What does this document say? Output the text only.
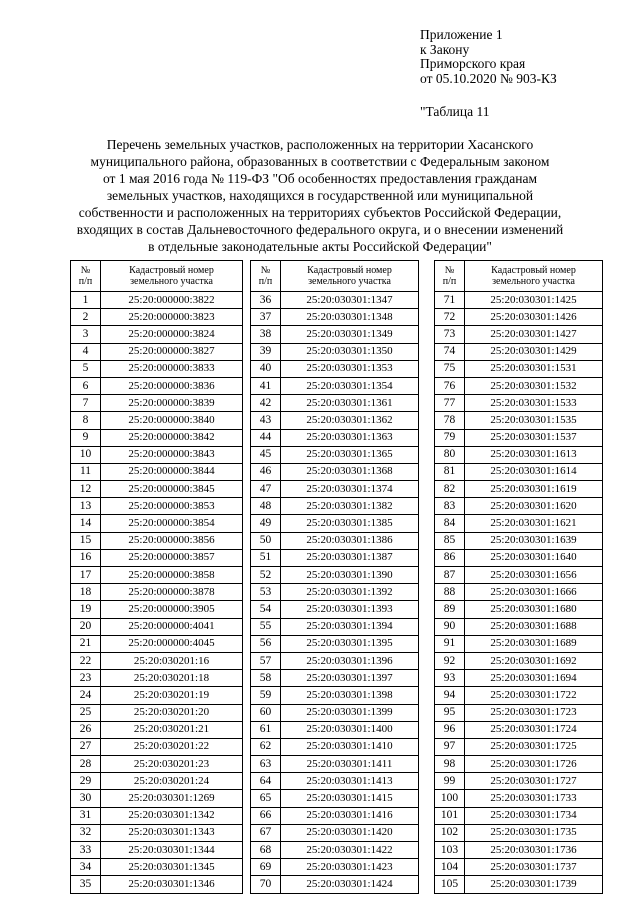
Приложение 1
к Закону
Приморского края
от 05.10.2020 № 903-КЗ
"Таблица 11
Перечень земельных участков, расположенных на территории Хасанского
муниципального района, образованных в соответствии с Федеральным законом
от 1 мая 2016 года № 119-ФЗ "Об особенностях предоставления гражданам
земельных участков, находящихся в государственной или муниципальной
собственности и расположенных на территориях субъектов Российской Федерации,
входящих в состав Дальневосточного федерального округа, и о внесении изменений
в отдельные законодательные акты Российской Федерации"
№
п/п	Кадастровый номер
земельного участка
1	25:20:000000:3822
2	25:20:000000:3823
3	25:20:000000:3824
4	25:20:000000:3827
5	25:20:000000:3833
6	25:20:000000:3836
7	25:20:000000:3839
8	25:20:000000:3840
9	25:20:000000:3842
10	25:20:000000:3843
11	25:20:000000:3844
12	25:20:000000:3845
13	25:20:000000:3853
14	25:20:000000:3854
15	25:20:000000:3856
16	25:20:000000:3857
17	25:20:000000:3858
18	25:20:000000:3878
19	25:20:000000:3905
20	25:20:000000:4041
21	25:20:000000:4045
22	25:20:030201:16
23	25:20:030201:18
24	25:20:030201:19
25	25:20:030201:20
26	25:20:030201:21
27	25:20:030201:22
28	25:20:030201:23
29	25:20:030201:24
30	25:20:030301:1269
31	25:20:030301:1342
32	25:20:030301:1343
33	25:20:030301:1344
34	25:20:030301:1345
35	25:20:030301:1346
№
п/п	Кадастровый номер
земельного участка
36	25:20:030301:1347
37	25:20:030301:1348
38	25:20:030301:1349
39	25:20:030301:1350
40	25:20:030301:1353
41	25:20:030301:1354
42	25:20:030301:1361
43	25:20:030301:1362
44	25:20:030301:1363
45	25:20:030301:1365
46	25:20:030301:1368
47	25:20:030301:1374
48	25:20:030301:1382
49	25:20:030301:1385
50	25:20:030301:1386
51	25:20:030301:1387
52	25:20:030301:1390
53	25:20:030301:1392
54	25:20:030301:1393
55	25:20:030301:1394
56	25:20:030301:1395
57	25:20:030301:1396
58	25:20:030301:1397
59	25:20:030301:1398
60	25:20:030301:1399
61	25:20:030301:1400
62	25:20:030301:1410
63	25:20:030301:1411
64	25:20:030301:1413
65	25:20:030301:1415
66	25:20:030301:1416
67	25:20:030301:1420
68	25:20:030301:1422
69	25:20:030301:1423
70	25:20:030301:1424
№
п/п	Кадастровый номер
земельного участка
71	25:20:030301:1425
72	25:20:030301:1426
73	25:20:030301:1427
74	25:20:030301:1429
75	25:20:030301:1531
76	25:20:030301:1532
77	25:20:030301:1533
78	25:20:030301:1535
79	25:20:030301:1537
80	25:20:030301:1613
81	25:20:030301:1614
82	25:20:030301:1619
83	25:20:030301:1620
84	25:20:030301:1621
85	25:20:030301:1639
86	25:20:030301:1640
87	25:20:030301:1656
88	25:20:030301:1666
89	25:20:030301:1680
90	25:20:030301:1688
91	25:20:030301:1689
92	25:20:030301:1692
93	25:20:030301:1694
94	25:20:030301:1722
95	25:20:030301:1723
96	25:20:030301:1724
97	25:20:030301:1725
98	25:20:030301:1726
99	25:20:030301:1727
100	25:20:030301:1733
101	25:20:030301:1734
102	25:20:030301:1735
103	25:20:030301:1736
104	25:20:030301:1737
105	25:20:030301:1739
